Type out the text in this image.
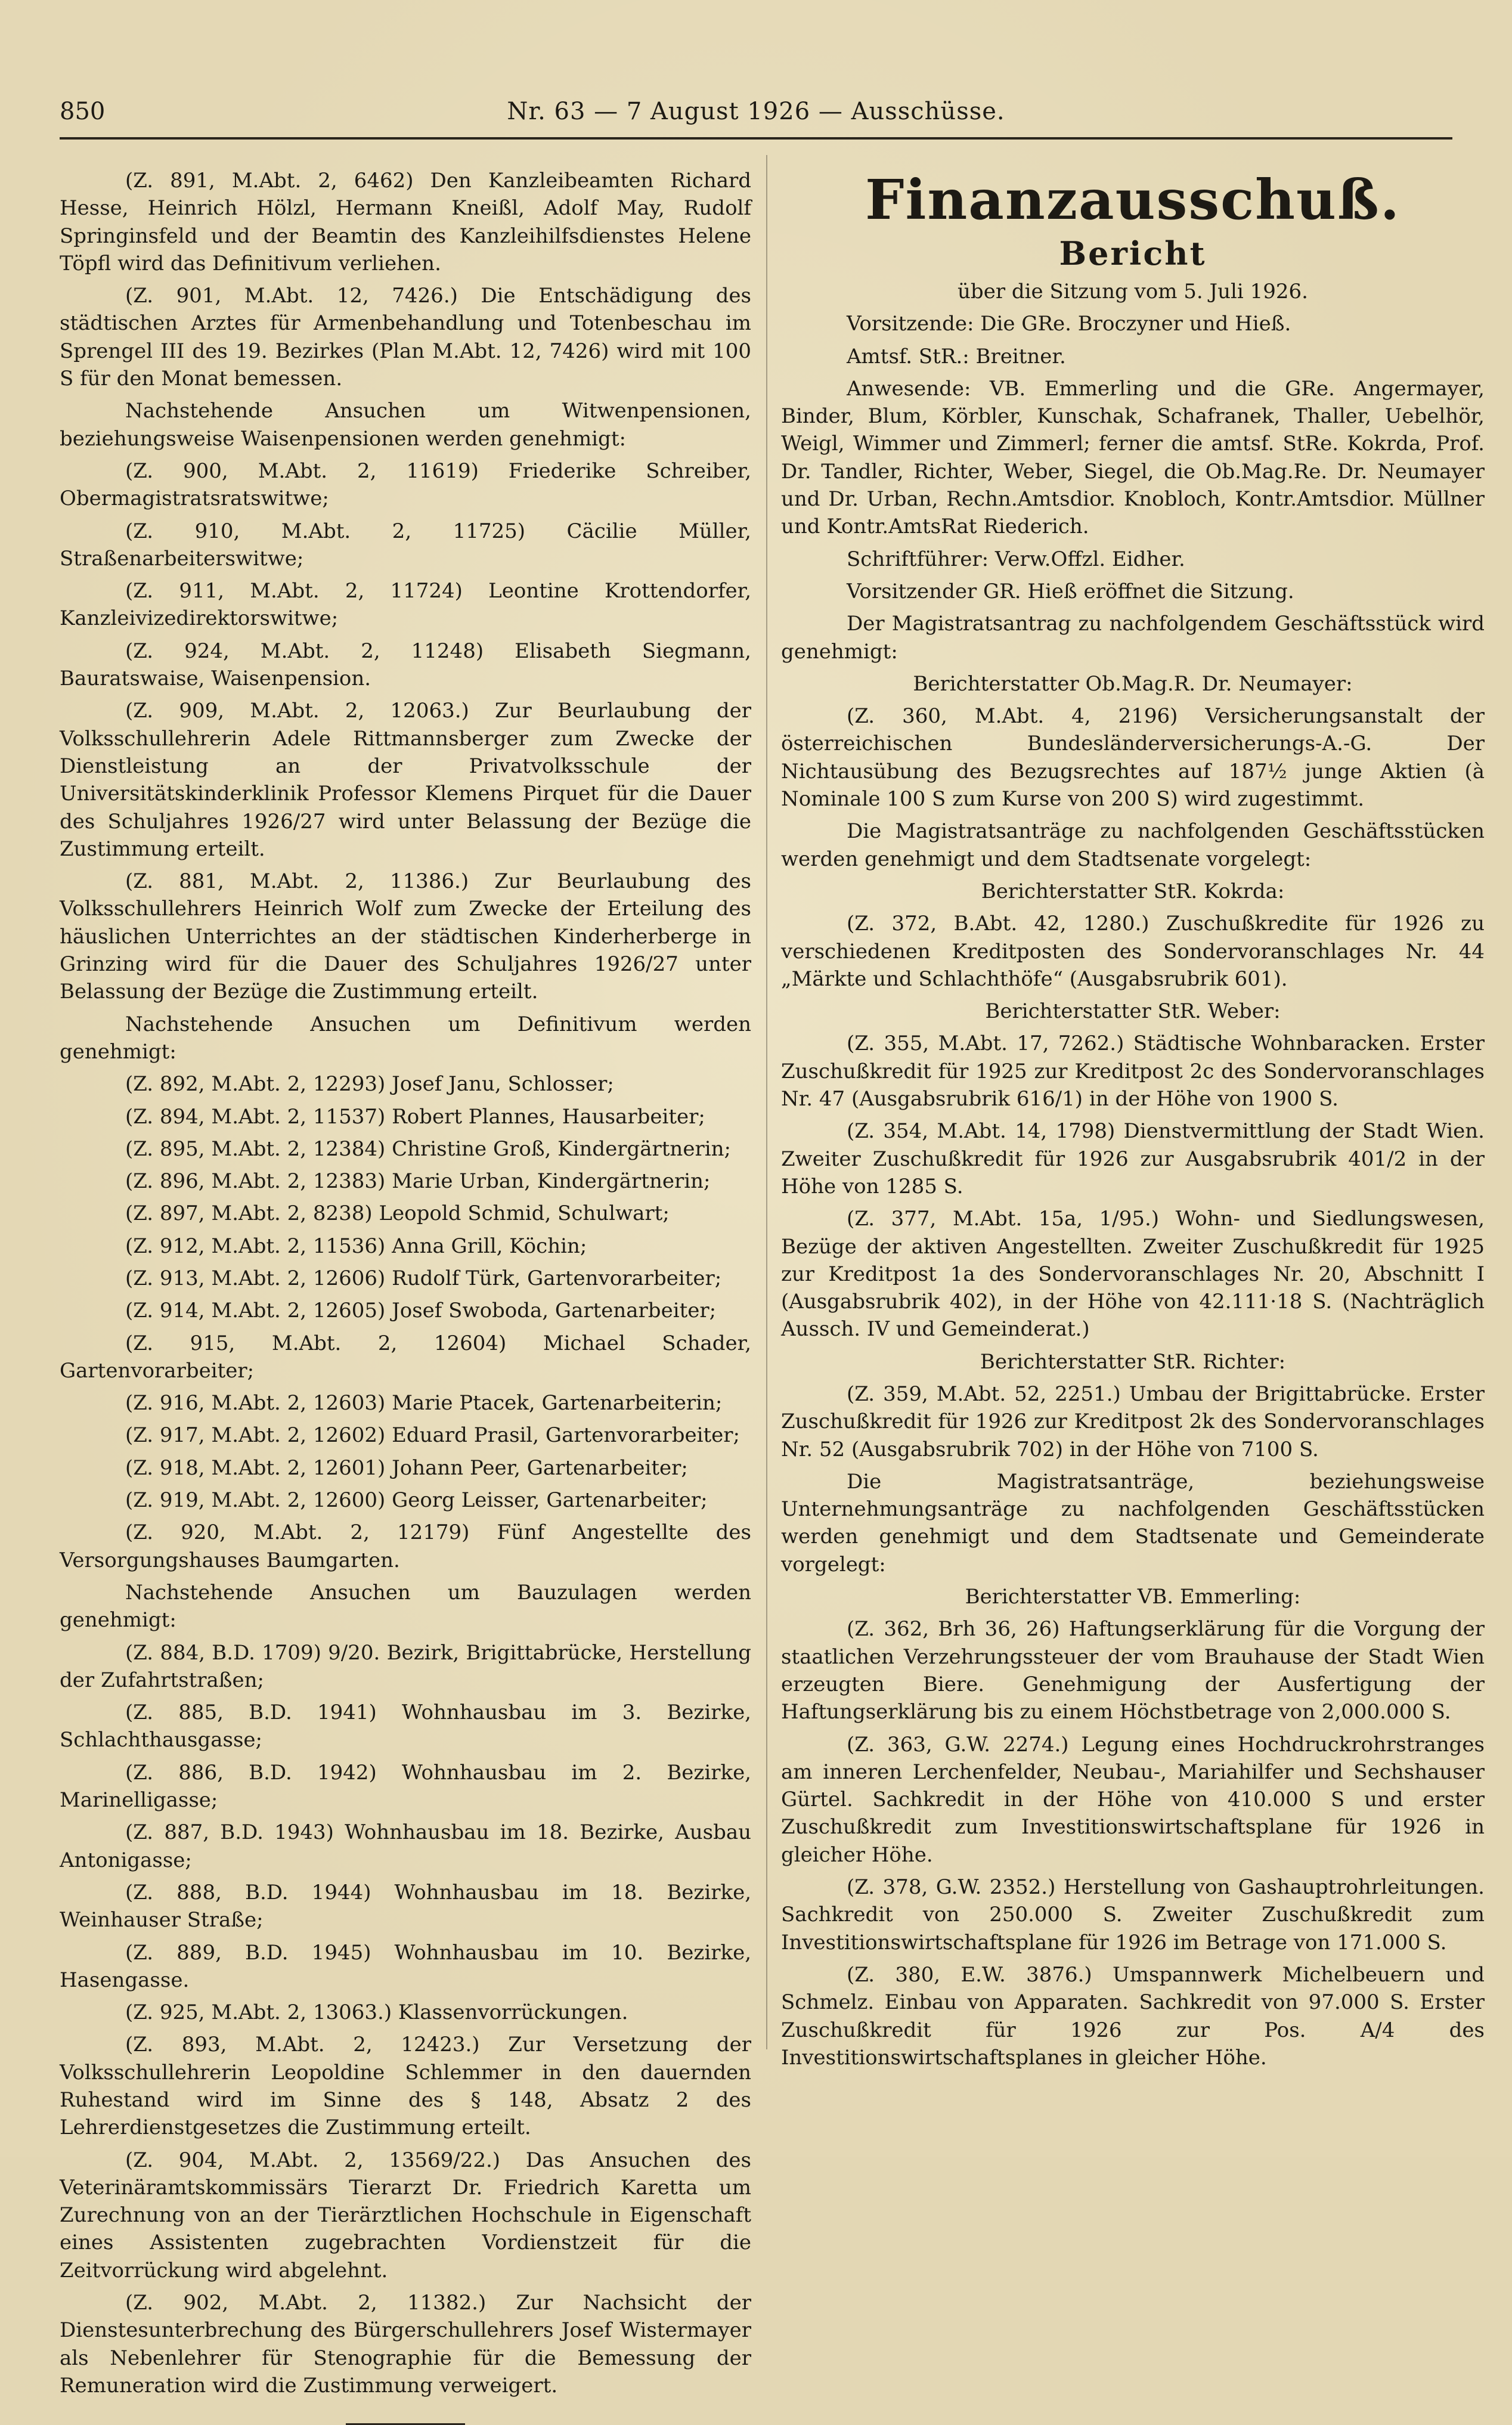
850	Nr. 63 — 7 August 1926 — Ausschüsse.

(Z. 891, M.Abt. 2, 6462) Den Kanzleibeamten Richard Hesse, Heinrich Hölzl, Hermann Kneißl, Adolf May, Rudolf Springinsfeld und der Beamtin des Kanzleihilfsdienstes Helene Töpfl wird das Definitivum verliehen.

(Z. 901, M.Abt. 12, 7426.) Die Entschädigung des städtischen Arztes für Armenbehandlung und Totenbeschau im Sprengel III des 19. Bezirkes (Plan M.Abt. 12, 7426) wird mit 100 S für den Monat bemessen.

Nachstehende Ansuchen um Witwenpensionen, beziehungsweise Waisenpensionen werden genehmigt:

(Z. 900, M.Abt. 2, 11619) Friederike Schreiber, Obermagistratsratswitwe;

(Z. 910, M.Abt. 2, 11725) Cäcilie Müller, Straßenarbeiterswitwe;

(Z. 911, M.Abt. 2, 11724) Leontine Krottendorfer, Kanzleivizedirektorswitwe;

(Z. 924, M.Abt. 2, 11248) Elisabeth Siegmann, Bauratswaise, Waisenpension.

(Z. 909, M.Abt. 2, 12063.) Zur Beurlaubung der Volksschullehrerin Adele Rittmannsberger zum Zwecke der Dienstleistung an der Privatvolksschule der Universitätskinderklinik Professor Klemens Pirquet für die Dauer des Schuljahres 1926/27 wird unter Belassung der Bezüge die Zustimmung erteilt.

(Z. 881, M.Abt. 2, 11386.) Zur Beurlaubung des Volksschullehrers Heinrich Wolf zum Zwecke der Erteilung des häuslichen Unterrichtes an der städtischen Kinderherberge in Grinzing wird für die Dauer des Schuljahres 1926/27 unter Belassung der Bezüge die Zustimmung erteilt.

Nachstehende Ansuchen um Definitivum werden genehmigt:

(Z. 892, M.Abt. 2, 12293) Josef Janu, Schlosser;

(Z. 894, M.Abt. 2, 11537) Robert Plannes, Hausarbeiter;

(Z. 895, M.Abt. 2, 12384) Christine Groß, Kindergärtnerin;

(Z. 896, M.Abt. 2, 12383) Marie Urban, Kindergärtnerin;

(Z. 897, M.Abt. 2, 8238) Leopold Schmid, Schulwart;

(Z. 912, M.Abt. 2, 11536) Anna Grill, Köchin;

(Z. 913, M.Abt. 2, 12606) Rudolf Türk, Gartenvorarbeiter;

(Z. 914, M.Abt. 2, 12605) Josef Swoboda, Gartenarbeiter;

(Z. 915, M.Abt. 2, 12604) Michael Schader, Gartenvorarbeiter;

(Z. 916, M.Abt. 2, 12603) Marie Ptacek, Gartenarbeiterin;

(Z. 917, M.Abt. 2, 12602) Eduard Prasil, Gartenvorarbeiter;

(Z. 918, M.Abt. 2, 12601) Johann Peer, Gartenarbeiter;

(Z. 919, M.Abt. 2, 12600) Georg Leisser, Gartenarbeiter;

(Z. 920, M.Abt. 2, 12179) Fünf Angestellte des Versorgungshauses Baumgarten.

Nachstehende Ansuchen um Bauzulagen werden genehmigt:

(Z. 884, B.D. 1709) 9/20. Bezirk, Brigittabrücke, Herstellung der Zufahrtstraßen;

(Z. 885, B.D. 1941) Wohnhausbau im 3. Bezirke, Schlachthausgasse;

(Z. 886, B.D. 1942) Wohnhausbau im 2. Bezirke, Marinelligasse;

(Z. 887, B.D. 1943) Wohnhausbau im 18. Bezirke, Ausbau Antonigasse;

(Z. 888, B.D. 1944) Wohnhausbau im 18. Bezirke, Weinhauser Straße;

(Z. 889, B.D. 1945) Wohnhausbau im 10. Bezirke, Hasengasse.

(Z. 925, M.Abt. 2, 13063.) Klassenvorrückungen.

(Z. 893, M.Abt. 2, 12423.) Zur Versetzung der Volksschullehrerin Leopoldine Schlemmer in den dauernden Ruhestand wird im Sinne des § 148, Absatz 2 des Lehrerdienstgesetzes die Zustimmung erteilt.

(Z. 904, M.Abt. 2, 13569/22.) Das Ansuchen des Veterinäramtskommissärs Tierarzt Dr. Friedrich Karetta um Zurechnung von an der Tierärztlichen Hochschule in Eigenschaft eines Assistenten zugebrachten Vordienstzeit für die Zeitvorrückung wird abgelehnt.

(Z. 902, M.Abt. 2, 11382.) Zur Nachsicht der Dienstesunterbrechung des Bürgerschullehrers Josef Wistermayer als Nebenlehrer für Stenographie für die Bemessung der Remuneration wird die Zustimmung verweigert.

Finanzausschuß.
Bericht

über die Sitzung vom 5. Juli 1926.

Vorsitzende: Die GRe. Broczyner und Hieß.

Amtsf. StR.: Breitner.

Anwesende: VB. Emmerling und die GRe. Angermayer, Binder, Blum, Körbler, Kunschak, Schafranek, Thaller, Uebelhör, Weigl, Wimmer und Zimmerl; ferner die amtsf. StRe. Kokrda, Prof. Dr. Tandler, Richter, Weber, Siegel, die Ob.Mag.Re. Dr. Neumayer und Dr. Urban, Rechn.Amtsdior. Knobloch, Kontr.Amtsdior. Müllner und Kontr.AmtsRat Riederich.

Schriftführer: Verw.Offzl. Eidher.

Vorsitzender GR. Hieß eröffnet die Sitzung.

Der Magistratsantrag zu nachfolgendem Geschäftsstück wird genehmigt:

Berichterstatter Ob.Mag.R. Dr. Neumayer:

(Z. 360, M.Abt. 4, 2196) Versicherungsanstalt der österreichischen Bundesländerversicherungs-A.-G. Der Nichtausübung des Bezugsrechtes auf 187½ junge Aktien (à Nominale 100 S zum Kurse von 200 S) wird zugestimmt.

Die Magistratsanträge zu nachfolgenden Geschäftsstücken werden genehmigt und dem Stadtsenate vorgelegt:

Berichterstatter StR. Kokrda:

(Z. 372, B.Abt. 42, 1280.) Zuschußkredite für 1926 zu verschiedenen Kreditposten des Sondervoranschlages Nr. 44 „Märkte und Schlachthöfe“ (Ausgabsrubrik 601).

Berichterstatter StR. Weber:

(Z. 355, M.Abt. 17, 7262.) Städtische Wohnbaracken. Erster Zuschußkredit für 1925 zur Kreditpost 2c des Sondervoranschlages Nr. 47 (Ausgabsrubrik 616/1) in der Höhe von 1900 S.

(Z. 354, M.Abt. 14, 1798) Dienstvermittlung der Stadt Wien. Zweiter Zuschußkredit für 1926 zur Ausgabsrubrik 401/2 in der Höhe von 1285 S.

(Z. 377, M.Abt. 15a, 1/95.) Wohn- und Siedlungswesen, Bezüge der aktiven Angestellten. Zweiter Zuschußkredit für 1925 zur Kreditpost 1a des Sondervoranschlages Nr. 20, Abschnitt I (Ausgabsrubrik 402), in der Höhe von 42.111·18 S. (Nachträglich Aussch. IV und Gemeinderat.)

Berichterstatter StR. Richter:

(Z. 359, M.Abt. 52, 2251.) Umbau der Brigittabrücke. Erster Zuschußkredit für 1926 zur Kreditpost 2k des Sondervoranschlages Nr. 52 (Ausgabsrubrik 702) in der Höhe von 7100 S.

Die Magistratsanträge, beziehungsweise Unternehmungsanträge zu nachfolgenden Geschäftsstücken werden genehmigt und dem Stadtsenate und Gemeinderate vorgelegt:

Berichterstatter VB. Emmerling:

(Z. 362, Brh 36, 26) Haftungserklärung für die Vorgung der staatlichen Verzehrungssteuer der vom Brauhause der Stadt Wien erzeugten Biere. Genehmigung der Ausfertigung der Haftungserklärung bis zu einem Höchstbetrage von 2,000.000 S.

(Z. 363, G.W. 2274.) Legung eines Hochdruckrohrstranges am inneren Lerchenfelder, Neubau-, Mariahilfer und Sechshauser Gürtel. Sachkredit in der Höhe von 410.000 S und erster Zuschußkredit zum Investitionswirtschaftsplane für 1926 in gleicher Höhe.

(Z. 378, G.W. 2352.) Herstellung von Gashauptrohrleitungen. Sachkredit von 250.000 S. Zweiter Zuschußkredit zum Investitionswirtschaftsplane für 1926 im Betrage von 171.000 S.

(Z. 380, E.W. 3876.) Umspannwerk Michelbeuern und Schmelz. Einbau von Apparaten. Sachkredit von 97.000 S. Erster Zuschußkredit für 1926 zur Pos. A/4 des Investitionswirtschaftsplanes in gleicher Höhe.
